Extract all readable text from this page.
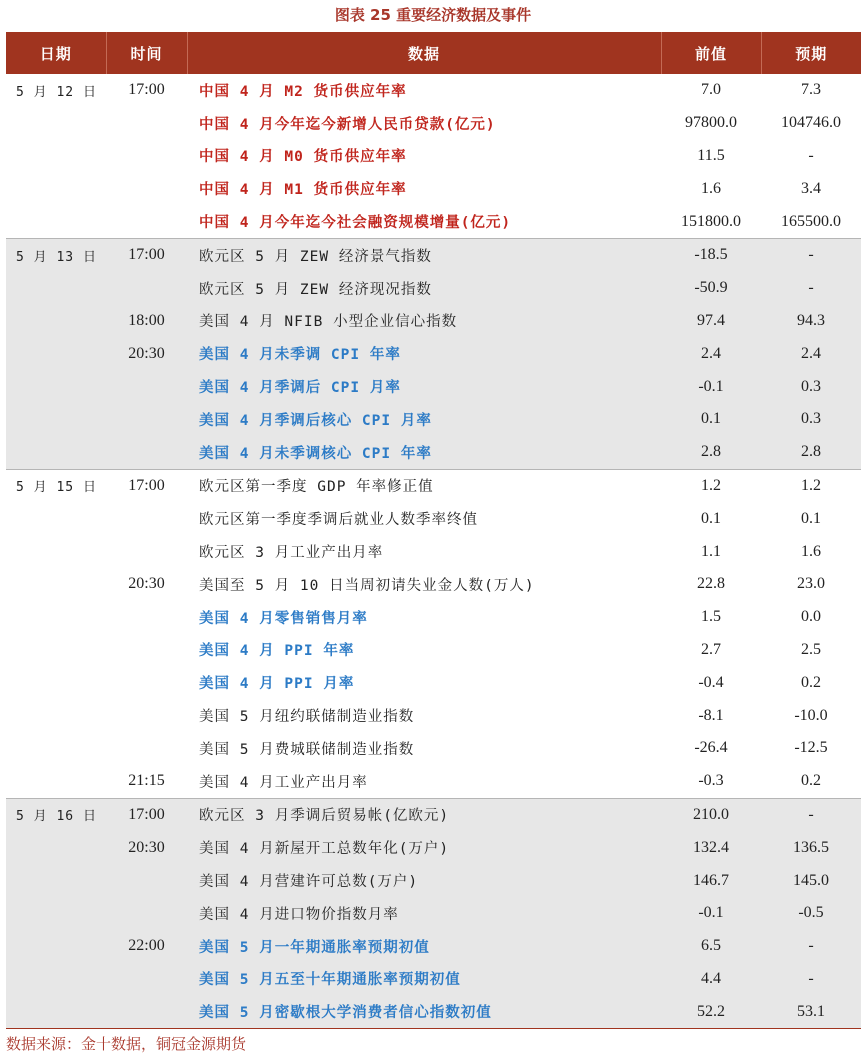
图表 25 重要经济数据及事件
日期	时间	数据	前值	预期
5 月 12 日	17:00	中国 4 月 M2 货币供应年率	7.0	7.3
		中国 4 月今年迄今新增人民币贷款(亿元)	97800.0	104746.0
		中国 4 月 M0 货币供应年率	11.5	-
		中国 4 月 M1 货币供应年率	1.6	3.4
		中国 4 月今年迄今社会融资规模增量(亿元)	151800.0	165500.0
5 月 13 日	17:00	欧元区 5 月 ZEW 经济景气指数	-18.5	-
		欧元区 5 月 ZEW 经济现况指数	-50.9	-
	18:00	美国 4 月 NFIB 小型企业信心指数	97.4	94.3
	20:30	美国 4 月未季调 CPI 年率	2.4	2.4
		美国 4 月季调后 CPI 月率	-0.1	0.3
		美国 4 月季调后核心 CPI 月率	0.1	0.3
		美国 4 月未季调核心 CPI 年率	2.8	2.8
5 月 15 日	17:00	欧元区第一季度 GDP 年率修正值	1.2	1.2
		欧元区第一季度季调后就业人数季率终值	0.1	0.1
		欧元区 3 月工业产出月率	1.1	1.6
	20:30	美国至 5 月 10 日当周初请失业金人数(万人)	22.8	23.0
		美国 4 月零售销售月率	1.5	0.0
		美国 4 月 PPI 年率	2.7	2.5
		美国 4 月 PPI 月率	-0.4	0.2
		美国 5 月纽约联储制造业指数	-8.1	-10.0
		美国 5 月费城联储制造业指数	-26.4	-12.5
	21:15	美国 4 月工业产出月率	-0.3	0.2
5 月 16 日	17:00	欧元区 3 月季调后贸易帐(亿欧元)	210.0	-
	20:30	美国 4 月新屋开工总数年化(万户)	132.4	136.5
		美国 4 月营建许可总数(万户)	146.7	145.0
		美国 4 月进口物价指数月率	-0.1	-0.5
	22:00	美国 5 月一年期通胀率预期初值	6.5	-
		美国 5 月五至十年期通胀率预期初值	4.4	-
		美国 5 月密歇根大学消费者信心指数初值	52.2	53.1
数据来源：金十数据，铜冠金源期货
